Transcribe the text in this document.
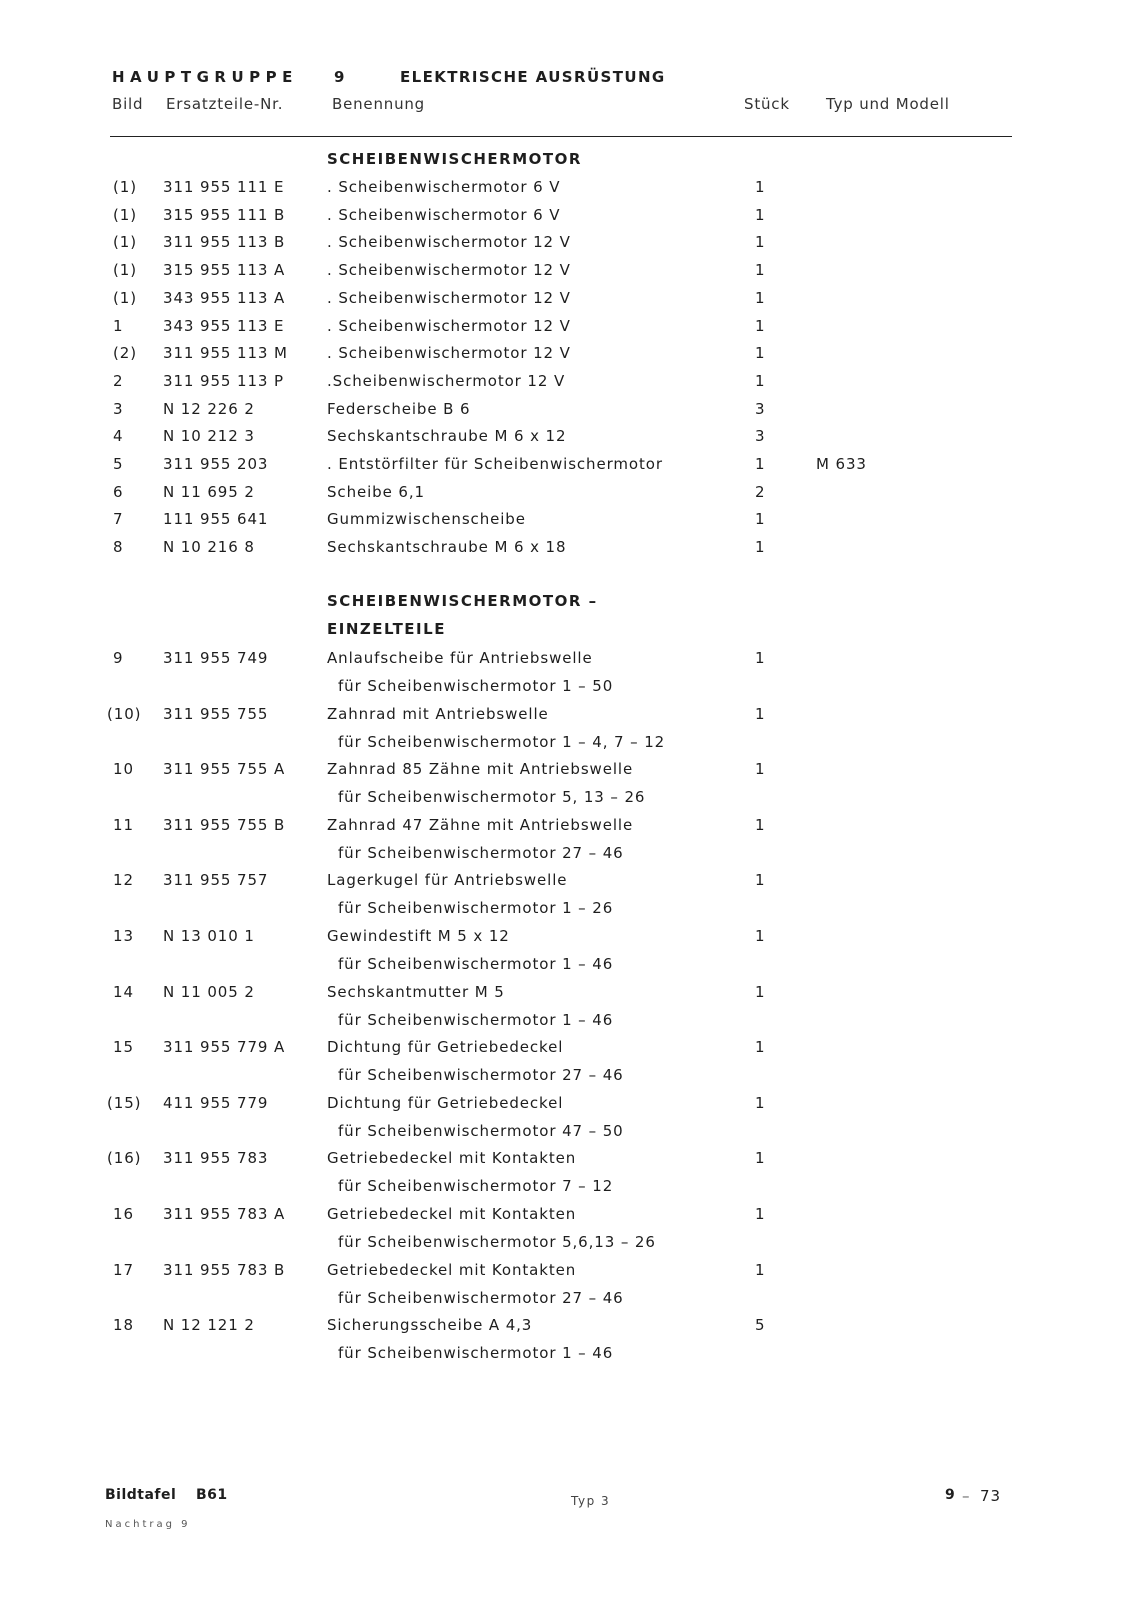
HAUPTGRUPPE 9	ELEKTRISCHE AUSRÜSTUNG
Bild Ersatzteile-Nr.	Benennung	Stück Typ und Modell
SCHEIBENWISCHERMOTOR
(1) 311 955 111 E	. Scheibenwischermotor 6 V	1
(1) 315 955 111 B	. Scheibenwischermotor 6 V	1
(1) 311 955 113 B	. Scheibenwischermotor 12 V	1
(1) 315 955 113 A	. Scheibenwischermotor 12 V	1
(1) 343 955 113 A	. Scheibenwischermotor 12 V	1
1	343 955 113 E	. Scheibenwischermotor 12 V	1
(2) 311 955 113 M	. Scheibenwischermotor 12 V	1
2	311 955 113 P	.Scheibenwischermotor 12 V	1
3	N 12 226 2	Federscheibe B 6	3
4	N 10 212 3	Sechskantschraube M 6 x 12	3
5	311 955 203	. Entstörfilter für Scheibenwischermotor	1	M 633
6	N 11 695 2	Scheibe 6,1	2
7	111 955 641	Gummizwischenscheibe	1
8	N 10 216 8	Sechskantschraube M 6 x 18	1
SCHEIBENWISCHERMOTOR –
EINZELTEILE
9	311 955 749	Anlaufscheibe für Antriebswelle	1
für Scheibenwischermotor 1 – 50
(10) 311 955 755	Zahnrad mit Antriebswelle	1
für Scheibenwischermotor 1 – 4, 7 – 12
10 311 955 755 A	Zahnrad 85 Zähne mit Antriebswelle	1
für Scheibenwischermotor 5, 13 – 26
11 311 955 755 B	Zahnrad 47 Zähne mit Antriebswelle	1
für Scheibenwischermotor 27 – 46
12 311 955 757	Lagerkugel für Antriebswelle	1
für Scheibenwischermotor 1 – 26
13 N 13 010 1	Gewindestift M 5 x 12	1
für Scheibenwischermotor 1 – 46
14 N 11 005 2	Sechskantmutter M 5	1
für Scheibenwischermotor 1 – 46
15 311 955 779 A	Dichtung für Getriebedeckel	1
für Scheibenwischermotor 27 – 46
(15) 411 955 779	Dichtung für Getriebedeckel	1
für Scheibenwischermotor 47 – 50
(16) 311 955 783	Getriebedeckel mit Kontakten	1
für Scheibenwischermotor 7 – 12
16 311 955 783 A	Getriebedeckel mit Kontakten	1
für Scheibenwischermotor 5,6,13 – 26
17 311 955 783 B	Getriebedeckel mit Kontakten	1
für Scheibenwischermotor 27 – 46
18 N 12 121 2	Sicherungsscheibe A 4,3	5
für Scheibenwischermotor 1 – 46
Bildtafel B61
Nachtrag 9
Typ 3	9 – 73
